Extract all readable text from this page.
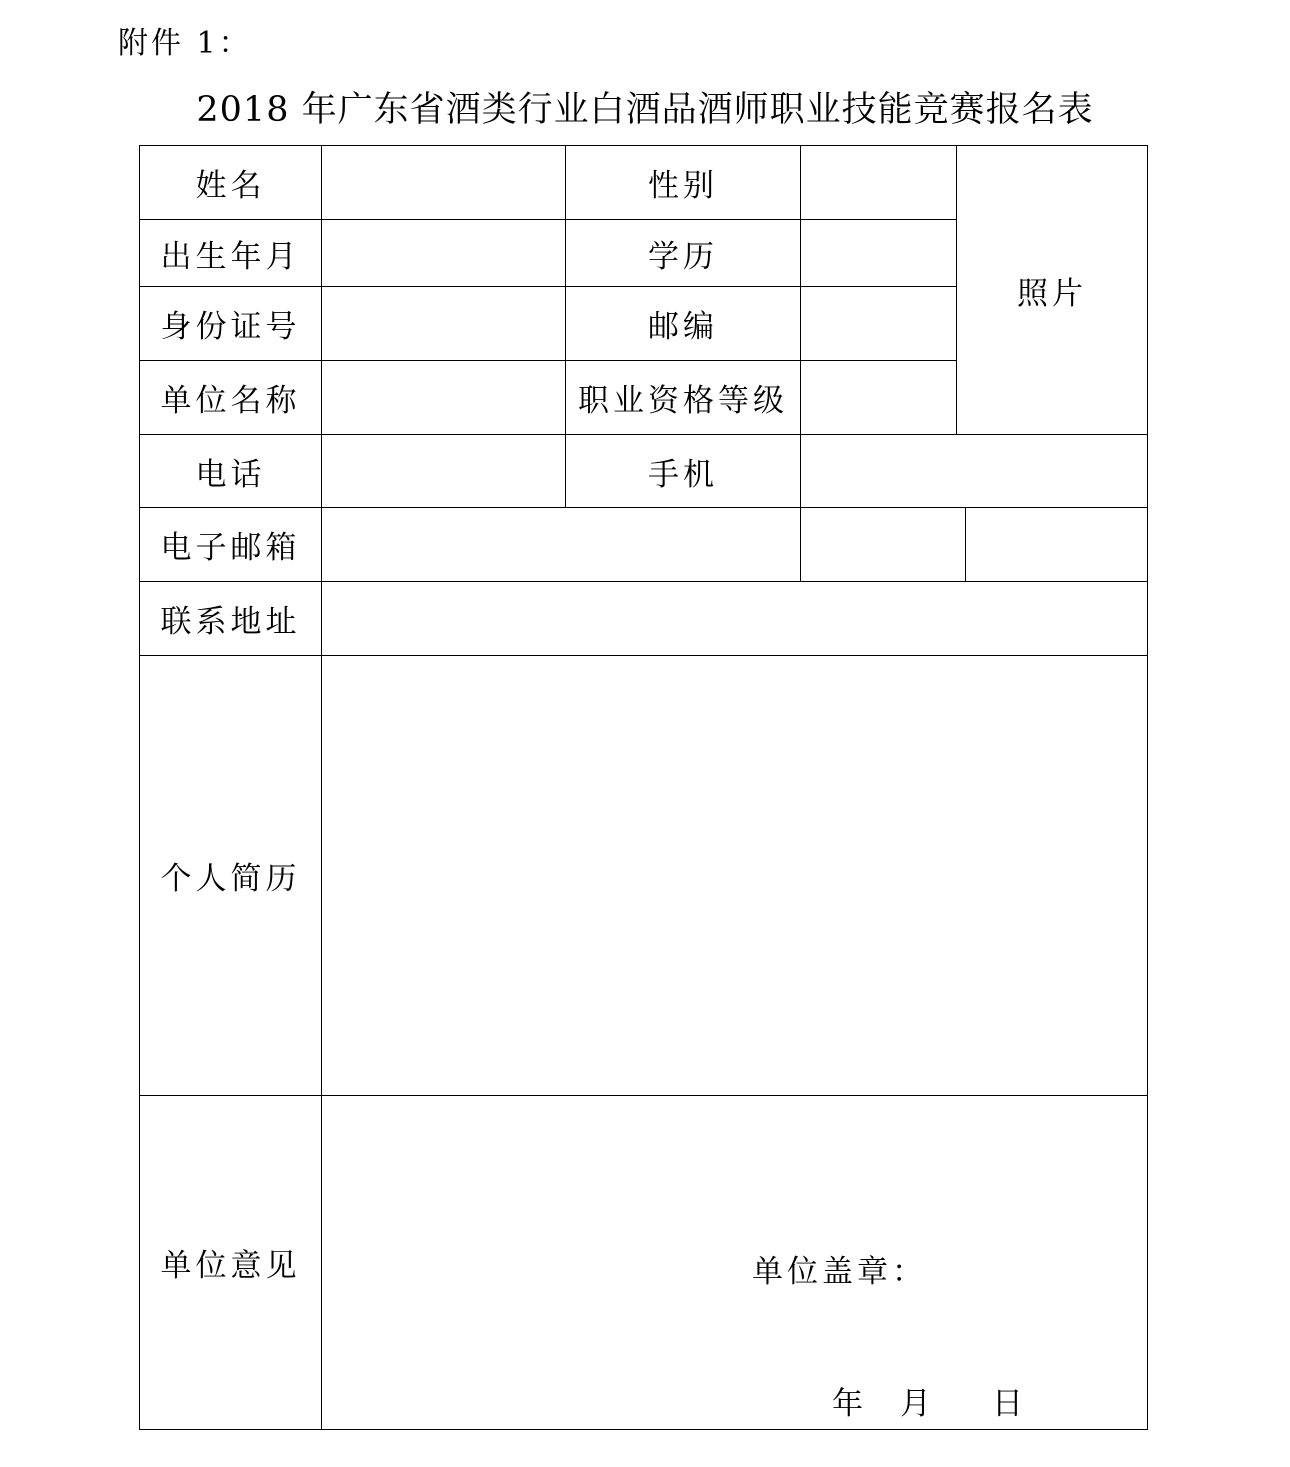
附件 1：
2018 年广东省酒类行业白酒品酒师职业技能竞赛报名表
姓名		性别		照片	
出生年月		学历			
身份证号		邮编			
单位名称		职业资格等级			
电话		手机			
电子邮箱					
联系地址					
个人简历					
单位意见	单位盖章：
年 月 日				
